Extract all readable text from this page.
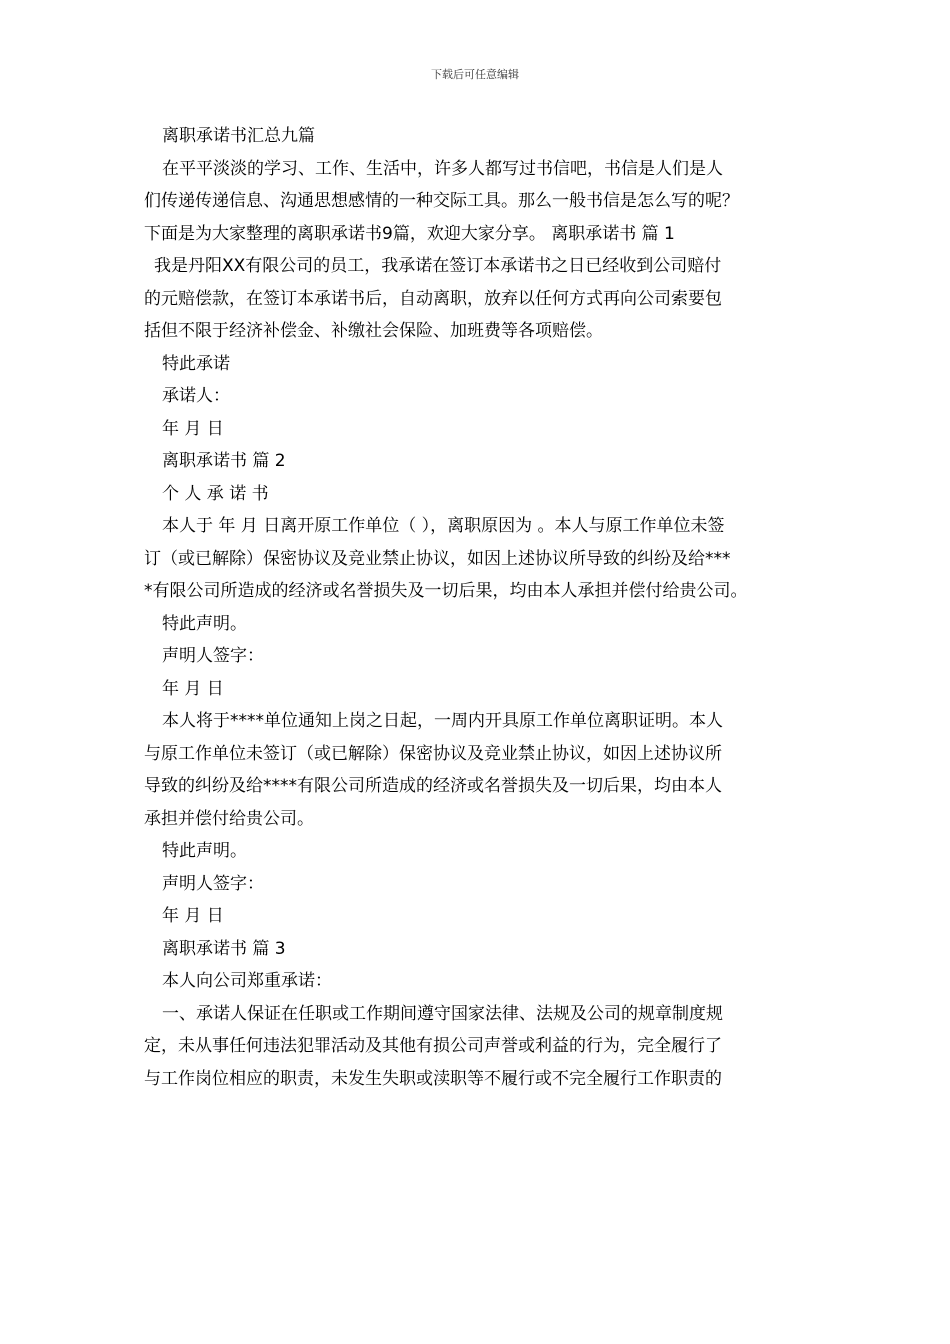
下载后可任意编辑
离职承诺书汇总九篇
在平平淡淡的学习、工作、生活中，许多人都写过书信吧，书信是人们是人
们传递传递信息、沟通思想感情的一种交际工具。那么一般书信是怎么写的呢？
下面是为大家整理的离职承诺书9篇，欢迎大家分享。 离职承诺书 篇 1
我是丹阳XX有限公司的员工，我承诺在签订本承诺书之日已经收到公司赔付
的元赔偿款，在签订本承诺书后，自动离职，放弃以任何方式再向公司索要包
括但不限于经济补偿金、补缴社会保险、加班费等各项赔偿。
特此承诺
承诺人：
年 月 日
离职承诺书 篇 2
个 人 承 诺 书
本人于 年 月 日离开原工作单位（ ），离职原因为 。本人与原工作单位未签
订（或已解除）保密协议及竞业禁止协议，如因上述协议所导致的纠纷及给***
*有限公司所造成的经济或名誉损失及一切后果，均由本人承担并偿付给贵公司。
特此声明。
声明人签字：
年 月 日
本人将于****单位通知上岗之日起，一周内开具原工作单位离职证明。本人
与原工作单位未签订（或已解除）保密协议及竞业禁止协议，如因上述协议所
导致的纠纷及给****有限公司所造成的经济或名誉损失及一切后果，均由本人
承担并偿付给贵公司。
特此声明。
声明人签字：
年 月 日
离职承诺书 篇 3
本人向公司郑重承诺：
一、承诺人保证在任职或工作期间遵守国家法律、法规及公司的规章制度规
定，未从事任何违法犯罪活动及其他有损公司声誉或利益的行为，完全履行了
与工作岗位相应的职责，未发生失职或渎职等不履行或不完全履行工作职责的
